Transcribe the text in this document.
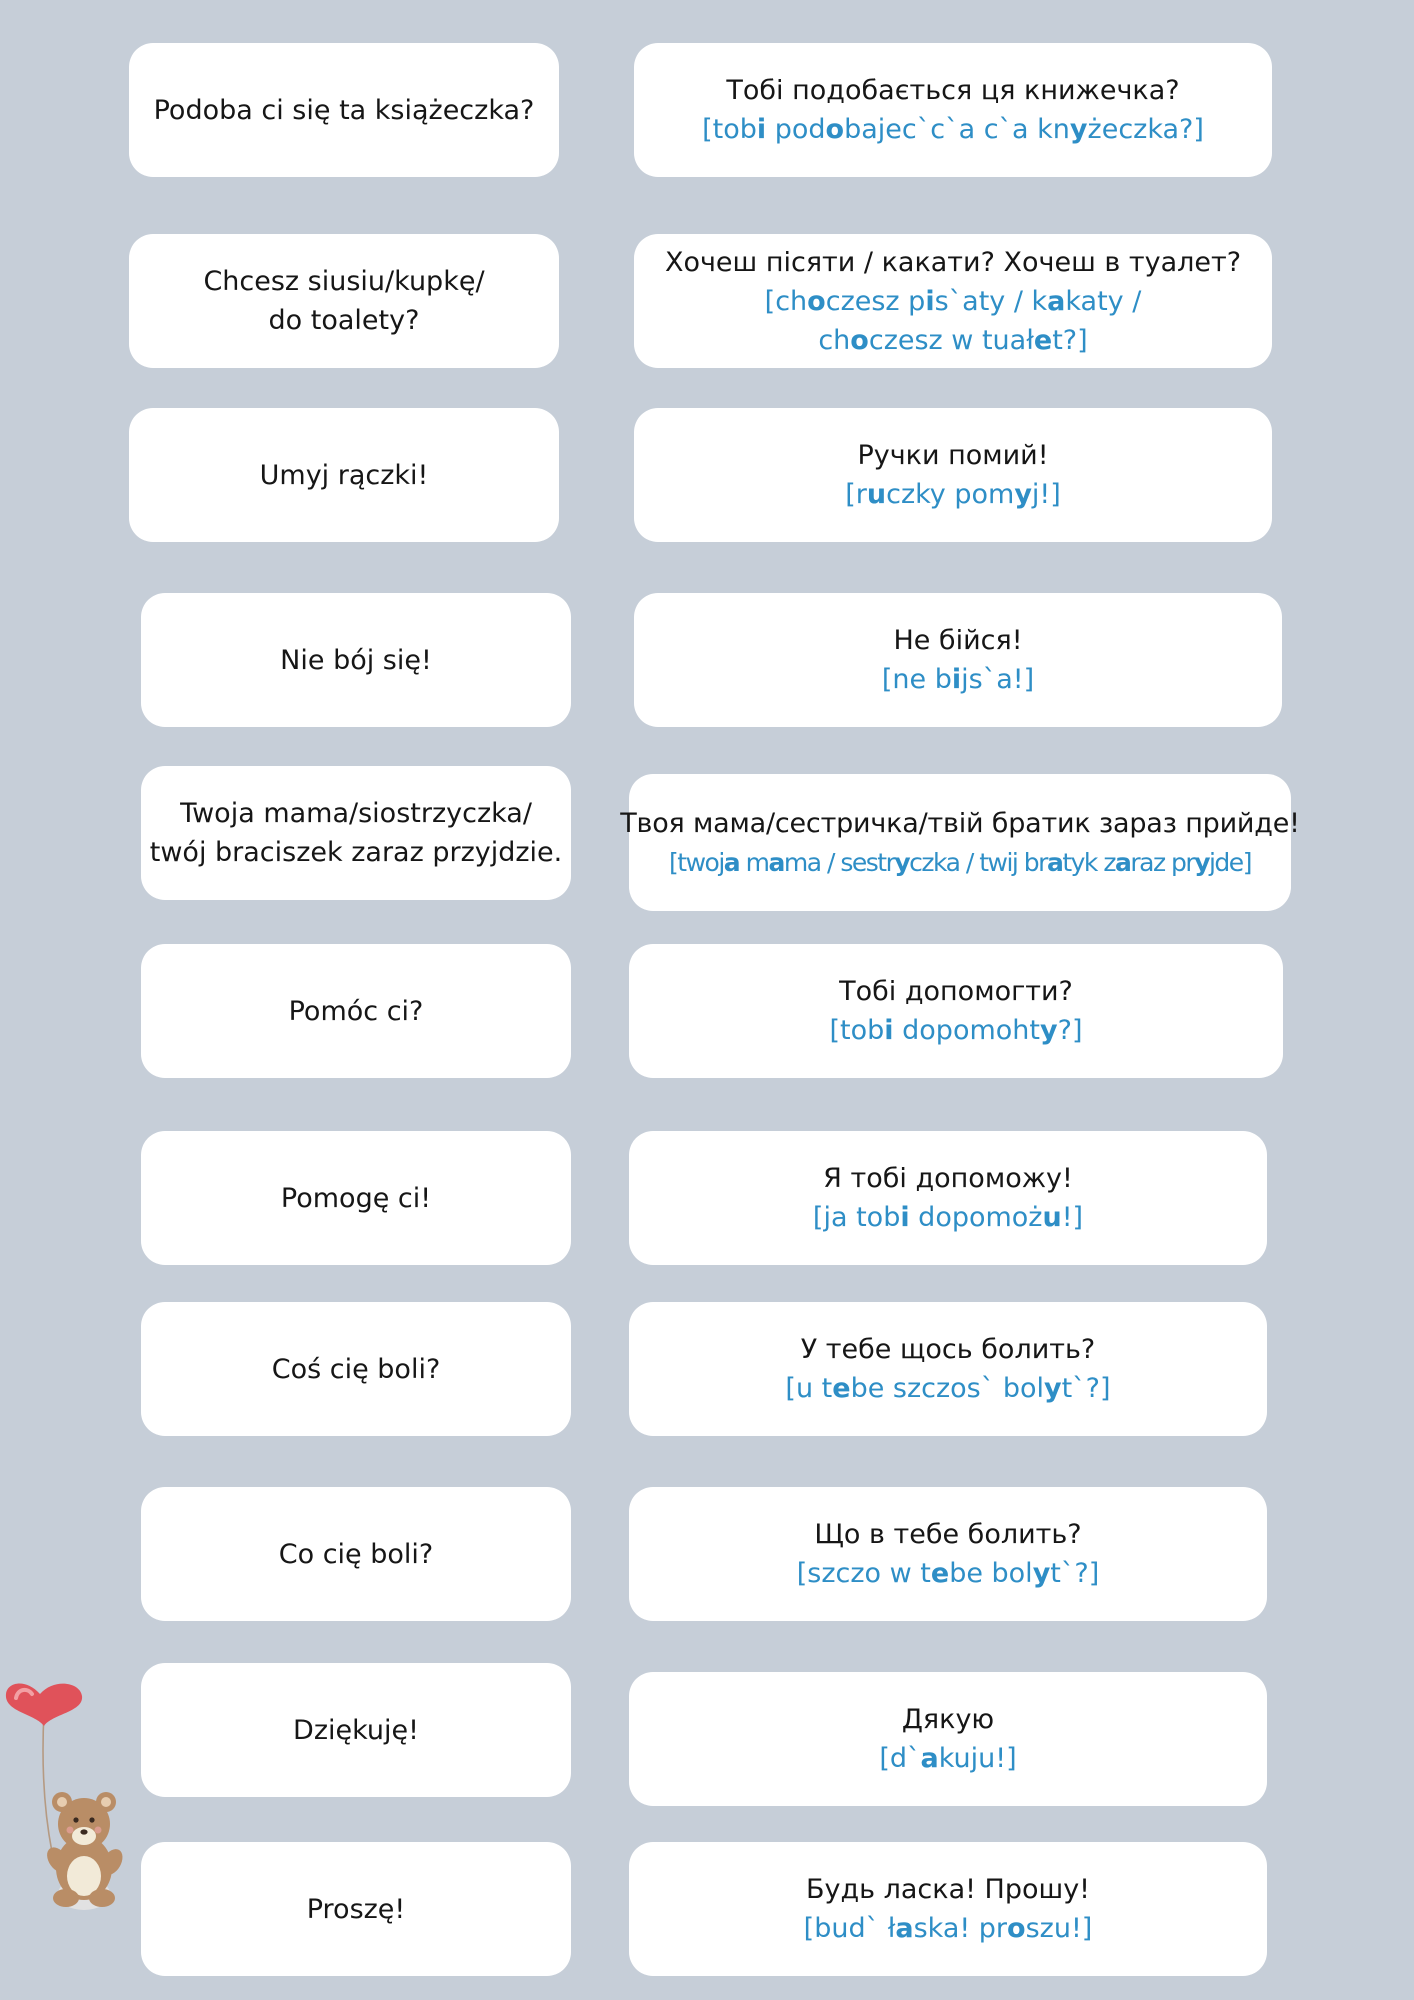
Podoba ci się ta książeczka?
Chcesz siusiu/kupkę/
do toalety?
Umyj rączki!
Nie bój się!
Twoja mama/siostrzyczka/
twój braciszek zaraz przyjdzie.
Pomóc ci?
Pomogę ci!
Coś cię boli?
Co cię boli?
Dziękuję!
Proszę!
Тобі подобається ця книжечка?
[tobi podobajec`c`a c`a knyżeczka?]
Хочеш пісяти / какати? Хочеш в туалет?
[choczesz pis`aty / kakaty /
choczesz w tuałet?]
Ручки помий!
[ruczky pomyj!]
Не бійся!
[ne bijs`a!]
Твоя мама/сестричка/твій братик зараз прийде!
[twoja mama / sestryczka / twij bratyk zaraz pryjde]
Тобі допомогти?
[tobi dopomohty?]
Я тобі допоможу!
[ja tobi dopomożu!]
У тебе щось болить?
[u tebe szczos` bolyt`?]
Що в тебе болить?
[szczo w tebe bolyt`?]
Дякую
[d`akuju!]
Будь ласка! Прошу!
[bud` łaska! proszu!]
